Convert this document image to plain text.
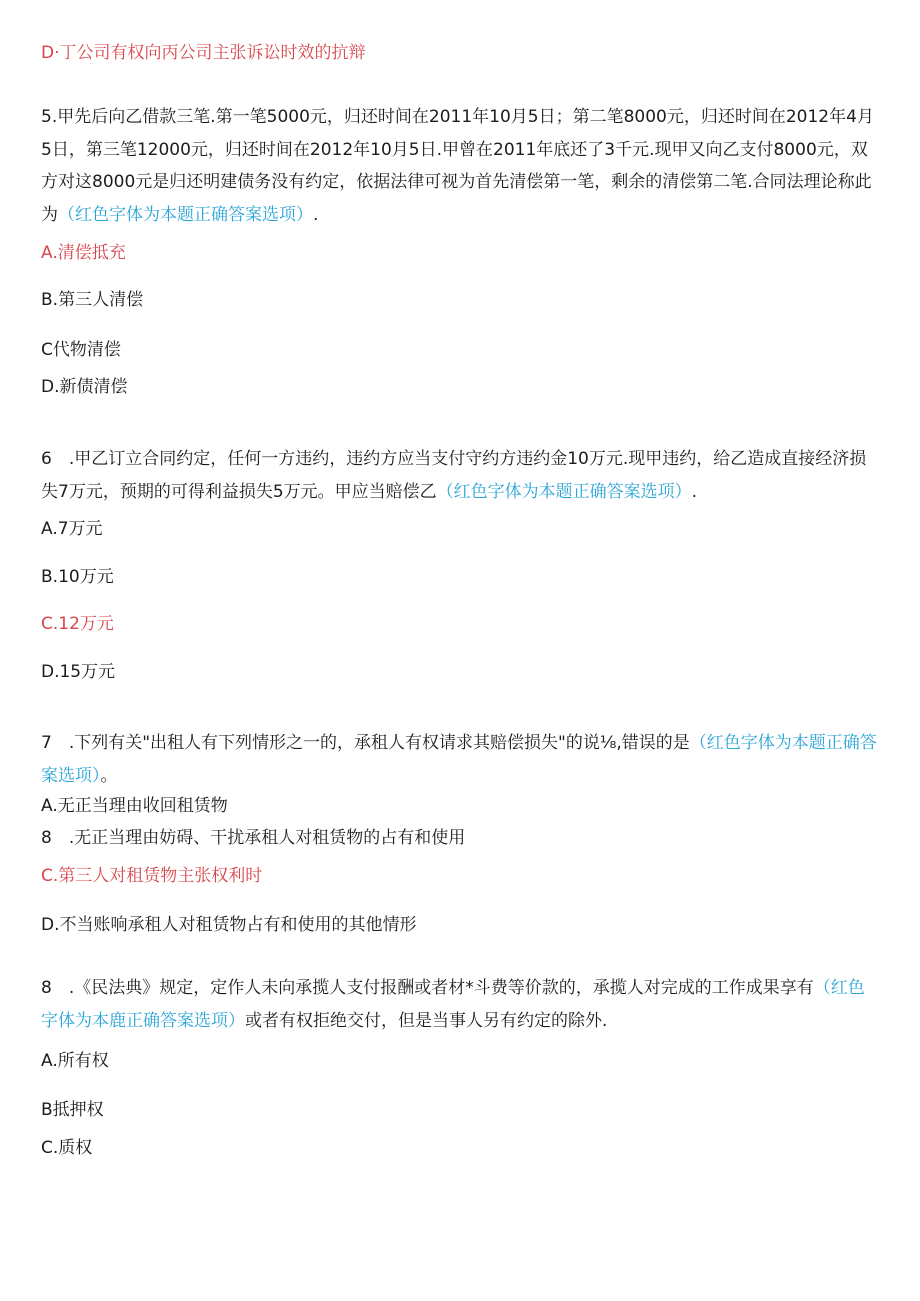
D·丁公司有权向丙公司主张诉讼时效的抗辩
5.甲先后向乙借款三笔.第一笔5000元，归还时间在2011年10月5日；第二笔8000元，归还时间在2012年4月5日，第三笔12000元，归还时间在2012年10月5日.甲曾在2011年底还了3千元.现甲又向乙支付8000元，双方对这8000元是归还明建债务没有约定，依据法律可视为首先清偿第一笔，剩余的清偿第二笔.合同法理论称此为（红色字体为本题正确答案选项）.
A.清偿抵充
B.第三人清偿
C代物清偿
D.新债清偿
6　.甲乙订立合同约定，任何一方违约，违约方应当支付守约方违约金10万元.现甲违约，给乙造成直接经济损失7万元，预期的可得利益损失5万元。甲应当赔偿乙（红色字体为本题正确答案选项）.
A.7万元
B.10万元
C.12万元
D.15万元
7　.下列有关"出租人有下列情形之一的，承租人有权请求其赔偿损失"的说⅛,错误的是（红色字体为本题正确答案选项）。
A.无正当理由收回租赁物
8　.无正当理由妨碍、干扰承租人对租赁物的占有和使用
C.第三人对租赁物主张权利时
D.不当账响承租人对租赁物占有和使用的其他情形
8　.《民法典》规定，定作人未向承揽人支付报酬或者材*斗费等价款的，承揽人对完成的工作成果享有（红色字体为本鹿正确答案选项）或者有权拒绝交付，但是当事人另有约定的除外.
A.所有权
B抵押权
C.质权
